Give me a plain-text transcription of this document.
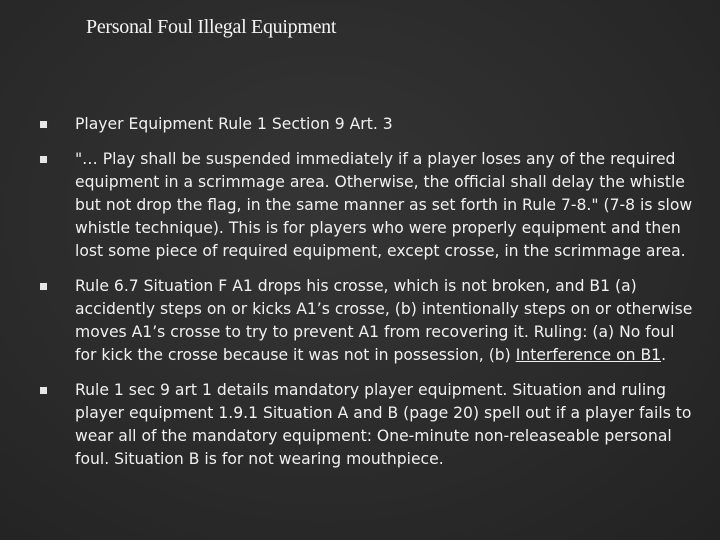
Personal Foul Illegal Equipment
Player Equipment Rule 1 Section 9 Art. 3
"… Play shall be suspended immediately if a player loses any of the required equipment in a scrimmage area. Otherwise, the official shall delay the whistle but not drop the flag, in the same manner as set forth in Rule 7-8." (7-8 is slow whistle technique). This is for players who were properly equipment and then lost some piece of required equipment, except crosse, in the scrimmage area.
Rule 6.7 Situation F A1 drops his crosse, which is not broken, and B1 (a) accidently steps on or kicks A1’s crosse, (b) intentionally steps on or otherwise moves A1’s crosse to try to prevent A1 from recovering it. Ruling: (a) No foul for kick the crosse because it was not in possession, (b) Interference on B1.
Rule 1 sec 9 art 1 details mandatory player equipment. Situation and ruling player equipment 1.9.1 Situation A and B (page 20) spell out if a player fails to wear all of the mandatory equipment: One-minute non-releaseable personal foul. Situation B is for not wearing mouthpiece.
